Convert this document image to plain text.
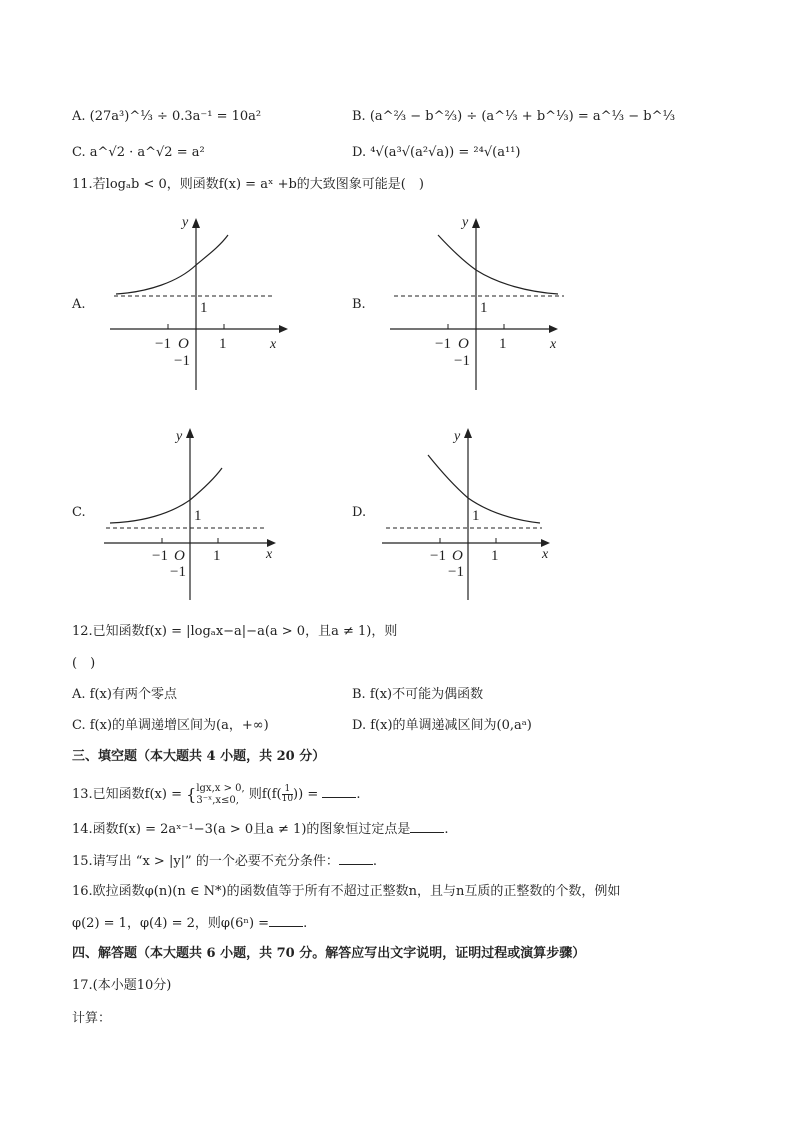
A. (27a³)^⅓ ÷ 0.3a⁻¹ = 10a²	B. (a^⅔ − b^⅔) ÷ (a^⅓ + b^⅓) = a^⅓ − b^⅓
C. a^√2 · a^√2 = a²	D. ⁴√(a³√(a²√a)) = ²⁴√(a¹¹)
11.若logₐb < 0，则函数f(x) = aˣ +b的大致图象可能是(　)
A.	B.
C.	D.
y
x
O
−1	1
−1
1
y
x
O
−1	1
−1
1
y
x
O
−1	1
−1
1
y
x
O
−1	1
−1
1
12.已知函数f(x) = |logₐx−a|−a(a > 0，且a ≠ 1)，则
(　)
A. f(x)有两个零点	B. f(x)不可能为偶函数
C. f(x)的单调递增区间为(a，+∞)	D. f(x)的单调递减区间为(0,aᵃ)
三、填空题（本大题共 4 小题，共 20 分）
13.已知函数f(x) = { lgx,x > 0,
3⁻ˣ,x≤0, 则$f(f( \frac{1}{10}$ )) =	.
14.函数f(x) = 2aˣ⁻¹−3(a > 0且a ≠ 1)的图象恒过定点是	.
15.请写出 “x > |y|” 的一个必要不充分条件：	.
16.欧拉函数φ(n)(n ∈ N*)的函数值等于所有不超过正整数n，且与n互质的正整数的个数，例如
φ(2) = 1，φ(4) = 2，则φ(6ⁿ) =	.
四、解答题（本大题共 6 小题，共 70 分。解答应写出文字说明，证明过程或演算步骤）
17.(本小题10分)
计算：
